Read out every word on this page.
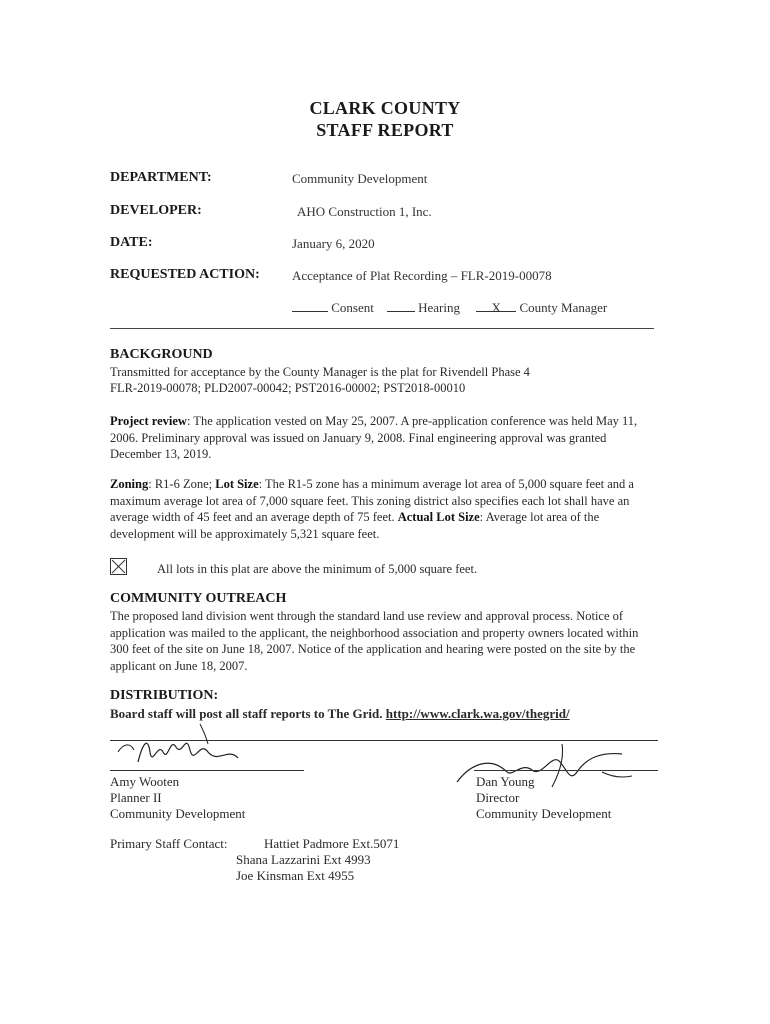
CLARK COUNTY
STAFF REPORT
DEPARTMENT:	Community Development
DEVELOPER:	AHO Construction 1, Inc.
DATE:	January 6, 2020
REQUESTED ACTION: Acceptance of Plat Recording – FLR-2019-00078
Consent	Hearing X County Manager
BACKGROUND
Transmitted for acceptance by the County Manager is the plat for Rivendell Phase 4
FLR-2019-00078; PLD2007-00042; PST2016-00002; PST2018-00010
Project review: The application vested on May 25, 2007. A pre-application conference was held May 11, 2006. Preliminary approval was issued on January 9, 2008. Final engineering approval was granted December 13, 2019.
Zoning: R1-6 Zone; Lot Size: The R1-5 zone has a minimum average lot area of 5,000 square feet and a maximum average lot area of 7,000 square feet. This zoning district also specifies each lot shall have an average width of 45 feet and an average depth of 75 feet. Actual Lot Size: Average lot area of the development will be approximately 5,321 square feet.
All lots in this plat are above the minimum of 5,000 square feet.
COMMUNITY OUTREACH
The proposed land division went through the standard land use review and approval process. Notice of application was mailed to the applicant, the neighborhood association and property owners located within 300 feet of the site on June 18, 2007. Notice of the application and hearing were posted on the site by the applicant on June 18, 2007.
DISTRIBUTION:
Board staff will post all staff reports to The Grid. http://www.clark.wa.gov/thegrid/
Amy Wooten
Planner II
Community Development
Dan Young
Director
Community Development
Primary Staff Contact:	Hattiet Padmore Ext.5071
Shana Lazzarini Ext 4993
Joe Kinsman Ext 4955
